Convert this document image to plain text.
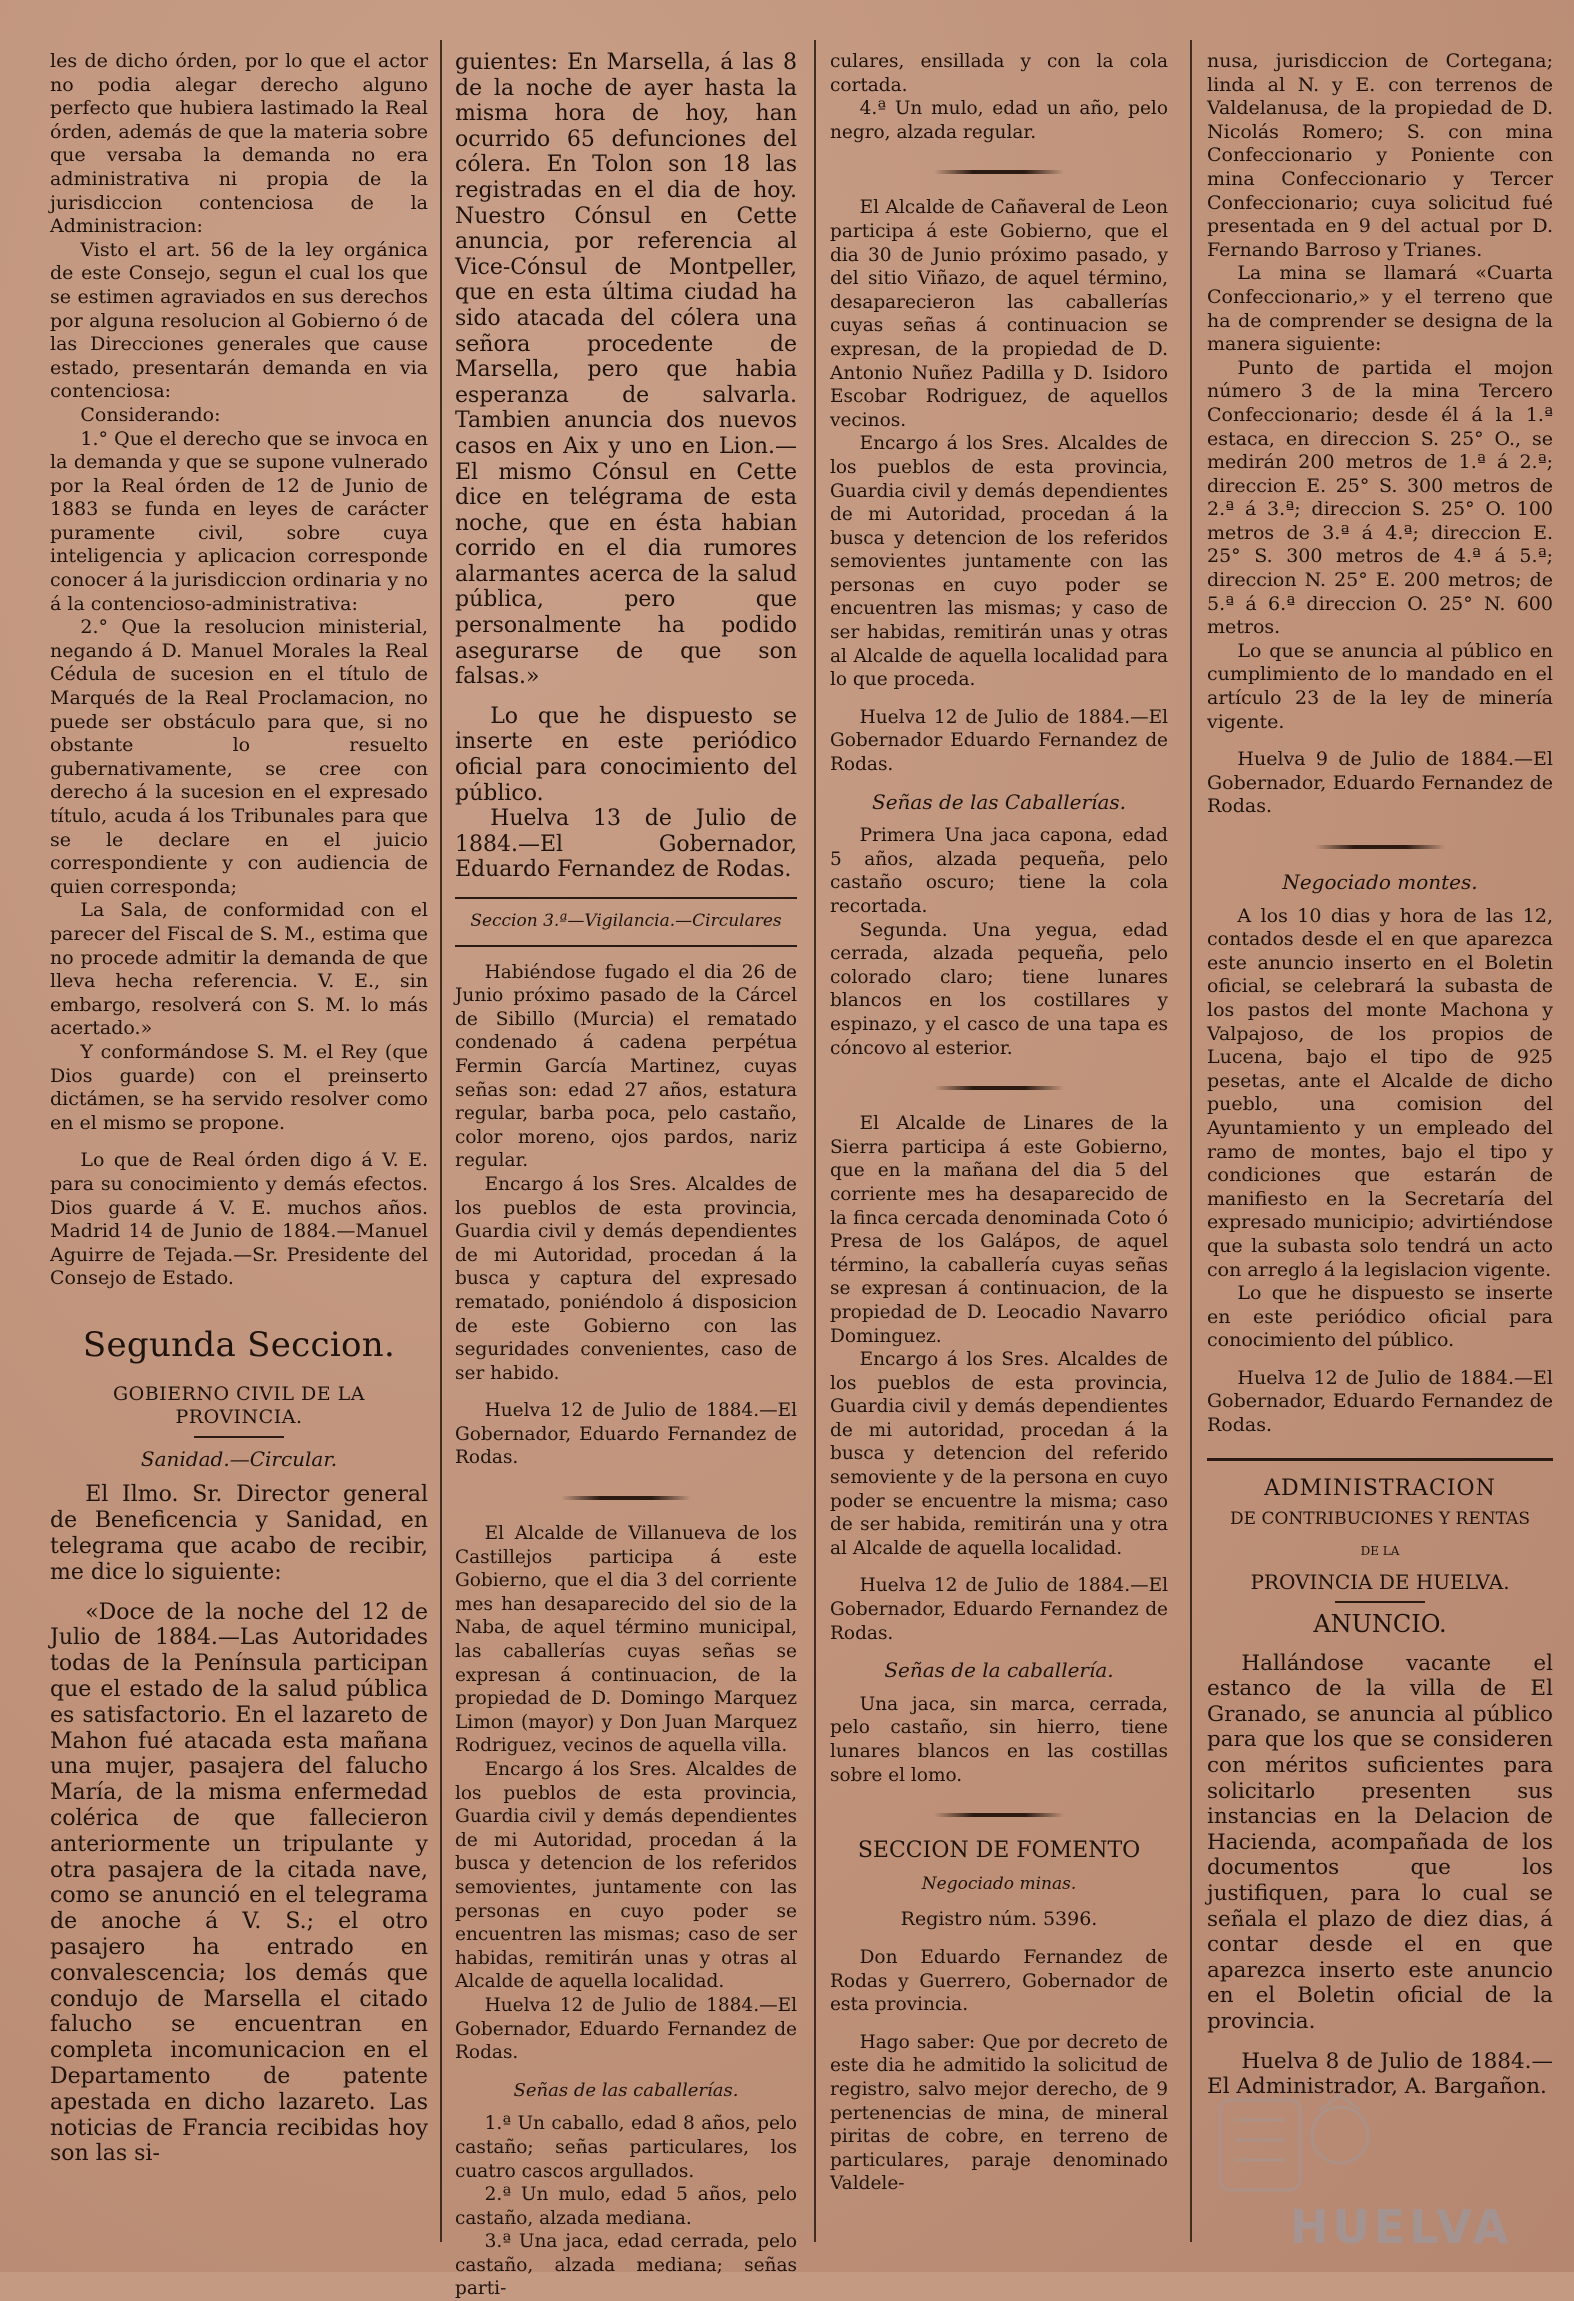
les de dicho órden, por lo que el actor no podia alegar derecho alguno perfecto que hubiera lastimado la Real órden, además de que la materia sobre que versaba la demanda no era administrativa ni propia de la jurisdiccion contenciosa de la Administracion:

Visto el art. 56 de la ley orgánica de este Consejo, segun el cual los que se estimen agraviados en sus derechos por alguna resolucion al Gobierno ó de las Direcciones generales que cause estado, presentarán demanda en via contenciosa:

Considerando:

1.° Que el derecho que se invoca en la demanda y que se supone vulnerado por la Real órden de 12 de Junio de 1883 se funda en leyes de carácter puramente civil, sobre cuya inteligencia y aplicacion corresponde conocer á la jurisdiccion ordinaria y no á la contencioso-administrativa:

2.° Que la resolucion ministerial, negando á D. Manuel Morales la Real Cédula de sucesion en el título de Marqués de la Real Proclamacion, no puede ser obstáculo para que, si no obstante lo resuelto gubernativamente, se cree con derecho á la sucesion en el expresado título, acuda á los Tribunales para que se le declare en el juicio correspondiente y con audiencia de quien corresponda;

La Sala, de conformidad con el parecer del Fiscal de S. M., estima que no procede admitir la demanda de que lleva hecha referencia. V. E., sin embargo, resolverá con S. M. lo más acertado.»

Y conformándose S. M. el Rey (que Dios guarde) con el preinserto dictámen, se ha servido resolver como en el mismo se propone.

Lo que de Real órden digo á V. E. para su conocimiento y demás efectos. Dios guarde á V. E. muchos años. Madrid 14 de Junio de 1884.—Manuel Aguirre de Tejada.—Sr. Presidente del Consejo de Estado.

Segunda Seccion.
GOBIERNO CIVIL DE LA PROVINCIA.
Sanidad.—Circular.

El Ilmo. Sr. Director general de Beneficencia y Sanidad, en telegrama que acabo de recibir, me dice lo siguiente:

«Doce de la noche del 12 de Julio de 1884.—Las Autoridades todas de la Península participan que el estado de la salud pública es satisfactorio. En el lazareto de Mahon fué atacada esta mañana una mujer, pasajera del falucho María, de la misma enfermedad colérica de que fallecieron anteriormente un tripulante y otra pasajera de la citada nave, como se anunció en el telegrama de anoche á V. S.; el otro pasajero ha entrado en convalescencia; los demás que condujo de Marsella el citado falucho se encuentran en completa incomunicacion en el Departamento de patente apestada en dicho lazareto. Las noticias de Francia recibidas hoy son las si-

guientes: En Marsella, á las 8 de la noche de ayer hasta la misma hora de hoy, han ocurrido 65 defunciones del cólera. En Tolon son 18 las registradas en el dia de hoy. Nuestro Cónsul en Cette anuncia, por referencia al Vice-Cónsul de Montpeller, que en esta última ciudad ha sido atacada del cólera una señora procedente de Marsella, pero que habia esperanza de salvarla. Tambien anuncia dos nuevos casos en Aix y uno en Lion.—El mismo Cónsul en Cette dice en telégrama de esta noche, que en ésta habian corrido en el dia rumores alarmantes acerca de la salud pública, pero que personalmente ha podido asegurarse de que son falsas.»

Lo que he dispuesto se inserte en este periódico oficial para conocimiento del público.

Huelva 13 de Julio de 1884.—El Gobernador, Eduardo Fernandez de Rodas.

Seccion 3.ª—Vigilancia.—Circulares

Habiéndose fugado el dia 26 de Junio próximo pasado de la Cárcel de Sibillo (Murcia) el rematado condenado á cadena perpétua Fermin García Martinez, cuyas señas son: edad 27 años, estatura regular, barba poca, pelo castaño, color moreno, ojos pardos, nariz regular.

Encargo á los Sres. Alcaldes de los pueblos de esta provincia, Guardia civil y demás dependientes de mi Autoridad, procedan á la busca y captura del expresado rematado, poniéndolo á disposicion de este Gobierno con las seguridades convenientes, caso de ser habido.

Huelva 12 de Julio de 1884.—El Gobernador, Eduardo Fernandez de Rodas.

El Alcalde de Villanueva de los Castillejos participa á este Gobierno, que el dia 3 del corriente mes han desaparecido del sio de la Naba, de aquel término municipal, las caballerías cuyas señas se expresan á continuacion, de la propiedad de D. Domingo Marquez Limon (mayor) y Don Juan Marquez Rodriguez, vecinos de aquella villa.

Encargo á los Sres. Alcaldes de los pueblos de esta provincia, Guardia civil y demás dependientes de mi Autoridad, procedan á la busca y detencion de los referidos semovientes, juntamente con las personas en cuyo poder se encuentren las mismas; caso de ser habidas, remitirán unas y otras al Alcalde de aquella localidad.

Huelva 12 de Julio de 1884.—El Gobernador, Eduardo Fernandez de Rodas.

Señas de las caballerías.

1.ª Un caballo, edad 8 años, pelo castaño; señas particulares, los cuatro cascos argullados.

2.ª Un mulo, edad 5 años, pelo castaño, alzada mediana.

3.ª Una jaca, edad cerrada, pelo castaño, alzada mediana; señas parti-

culares, ensillada y con la cola cortada.

4.ª Un mulo, edad un año, pelo negro, alzada regular.

El Alcalde de Cañaveral de Leon participa á este Gobierno, que el dia 30 de Junio próximo pasado, y del sitio Viñazo, de aquel término, desaparecieron las caballerías cuyas señas á continuacion se expresan, de la propiedad de D. Antonio Nuñez Padilla y D. Isidoro Escobar Rodriguez, de aquellos vecinos.

Encargo á los Sres. Alcaldes de los pueblos de esta provincia, Guardia civil y demás dependientes de mi Autoridad, procedan á la busca y detencion de los referidos semovientes juntamente con las personas en cuyo poder se encuentren las mismas; y caso de ser habidas, remitirán unas y otras al Alcalde de aquella localidad para lo que proceda.

Huelva 12 de Julio de 1884.—El Gobernador Eduardo Fernandez de Rodas.

Señas de las Caballerías.

Primera Una jaca capona, edad 5 años, alzada pequeña, pelo castaño oscuro; tiene la cola recortada.

Segunda. Una yegua, edad cerrada, alzada pequeña, pelo colorado claro; tiene lunares blancos en los costillares y espinazo, y el casco de una tapa es cóncovo al esterior.

El Alcalde de Linares de la Sierra participa á este Gobierno, que en la mañana del dia 5 del corriente mes ha desaparecido de la finca cercada denominada Coto ó Presa de los Galápos, de aquel término, la caballería cuyas señas se expresan á continuacion, de la propiedad de D. Leocadio Navarro Dominguez.

Encargo á los Sres. Alcaldes de los pueblos de esta provincia, Guardia civil y demás dependientes de mi autoridad, procedan á la busca y detencion del referido semoviente y de la persona en cuyo poder se encuentre la misma; caso de ser habida, remitirán una y otra al Alcalde de aquella localidad.

Huelva 12 de Julio de 1884.—El Gobernador, Eduardo Fernandez de Rodas.

Señas de la caballería.

Una jaca, sin marca, cerrada, pelo castaño, sin hierro, tiene lunares blancos en las costillas sobre el lomo.

SECCION DE FOMENTO
Negociado minas.
Registro núm. 5396.

Don Eduardo Fernandez de Rodas y Guerrero, Gobernador de esta provincia.

Hago saber: Que por decreto de este dia he admitido la solicitud de registro, salvo mejor derecho, de 9 pertenencias de mina, de mineral piritas de cobre, en terreno de particulares, paraje denominado Valdele-

nusa, jurisdiccion de Cortegana; linda al N. y E. con terrenos de Valdelanusa, de la propiedad de D. Nicolás Romero; S. con mina Confeccionario y Poniente con mina Confeccionario y Tercer Confeccionario; cuya solicitud fué presentada en 9 del actual por D. Fernando Barroso y Trianes.

La mina se llamará «Cuarta Confeccionario,» y el terreno que ha de comprender se designa de la manera siguiente:

Punto de partida el mojon número 3 de la mina Tercero Confeccionario; desde él á la 1.ª estaca, en direccion S. 25° O., se medirán 200 metros de 1.ª á 2.ª; direccion E. 25° S. 300 metros de 2.ª á 3.ª; direccion S. 25° O. 100 metros de 3.ª á 4.ª; direccion E. 25° S. 300 metros de 4.ª á 5.ª; direccion N. 25° E. 200 metros; de 5.ª á 6.ª direccion O. 25° N. 600 metros.

Lo que se anuncia al público en cumplimiento de lo mandado en el artículo 23 de la ley de minería vigente.

Huelva 9 de Julio de 1884.—El Gobernador, Eduardo Fernandez de Rodas.

Negociado montes.

A los 10 dias y hora de las 12, contados desde el en que aparezca este anuncio inserto en el Boletin oficial, se celebrará la subasta de los pastos del monte Machona y Valpajoso, de los propios de Lucena, bajo el tipo de 925 pesetas, ante el Alcalde de dicho pueblo, una comision del Ayuntamiento y un empleado del ramo de montes, bajo el tipo y condiciones que estarán de manifiesto en la Secretaría del expresado municipio; advirtiéndose que la subasta solo tendrá un acto con arreglo á la legislacion vigente.

Lo que he dispuesto se inserte en este periódico oficial para conocimiento del público.

Huelva 12 de Julio de 1884.—El Gobernador, Eduardo Fernandez de Rodas.

ADMINISTRACION
DE CONTRIBUCIONES Y RENTAS
DE LA
PROVINCIA DE HUELVA.
ANUNCIO.

Hallándose vacante el estanco de la villa de El Granado, se anuncia al público para que los que se consideren con méritos suficientes para solicitarlo presenten sus instancias en la Delacion de Hacienda, acompañada de los documentos que los justifiquen, para lo cual se señala el plazo de diez dias, á contar desde el en que aparezca inserto este anuncio en el Boletin oficial de la provincia.

Huelva 8 de Julio de 1884.—El Administrador, A. Bargañon.

HUELVA
